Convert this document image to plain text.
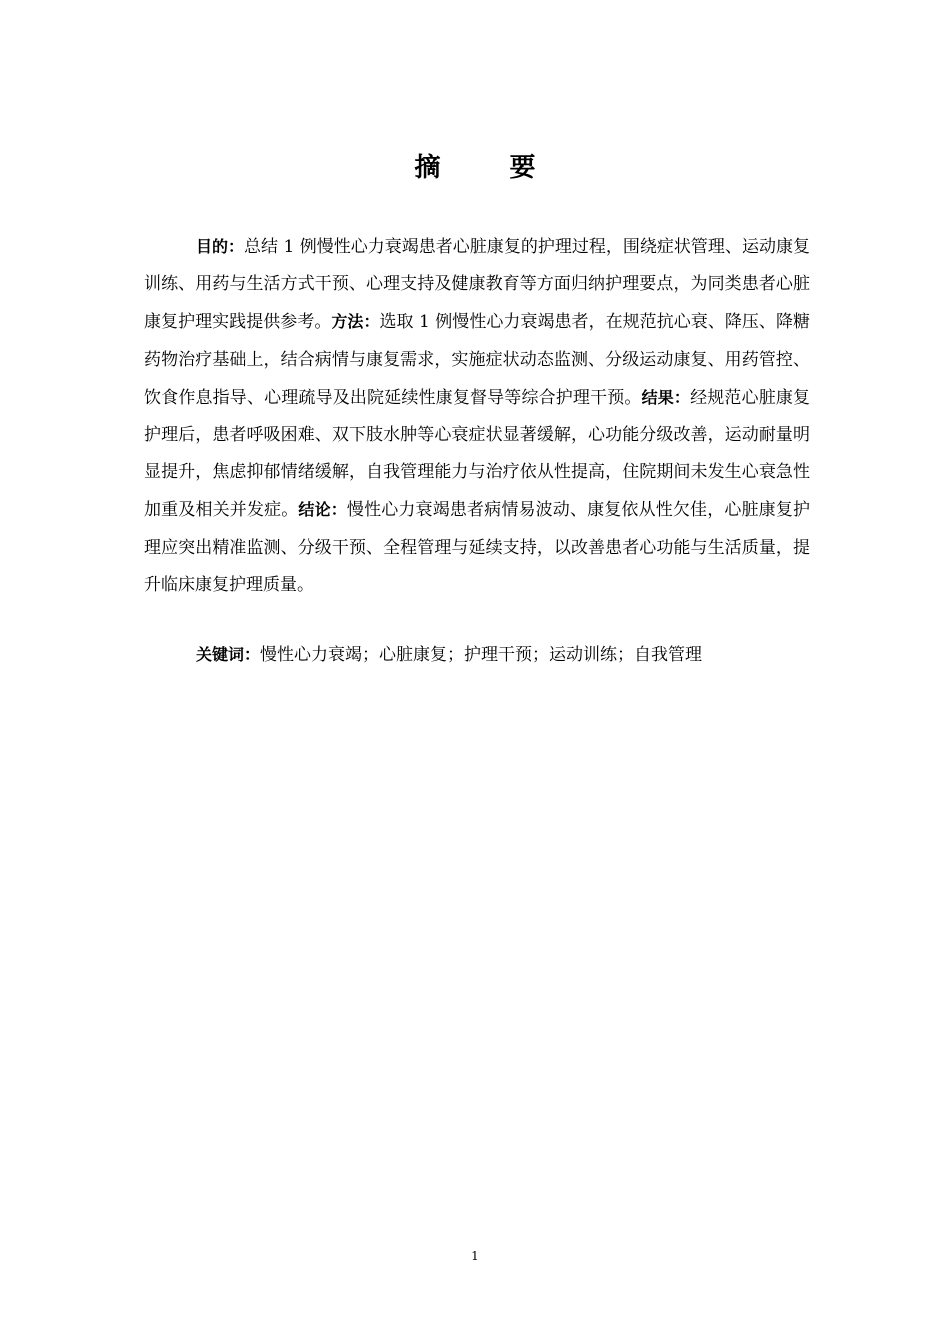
摘 要

目的：总结 1 例慢性心力衰竭患者心脏康复的护理过程，围绕症状管理、运动康复训练、用药与生活方式干预、心理支持及健康教育等方面归纳护理要点，为同类患者心脏康复护理实践提供参考。方法：选取 1 例慢性心力衰竭患者，在规范抗心衰、降压、降糖药物治疗基础上，结合病情与康复需求，实施症状动态监测、分级运动康复、用药管控、饮食作息指导、心理疏导及出院延续性康复督导等综合护理干预。结果：经规范心脏康复护理后，患者呼吸困难、双下肢水肿等心衰症状显著缓解，心功能分级改善，运动耐量明显提升，焦虑抑郁情绪缓解，自我管理能力与治疗依从性提高，住院期间未发生心衰急性加重及相关并发症。结论：慢性心力衰竭患者病情易波动、康复依从性欠佳，心脏康复护理应突出精准监测、分级干预、全程管理与延续支持，以改善患者心功能与生活质量，提升临床康复护理质量。

关键词：慢性心力衰竭；心脏康复；护理干预；运动训练；自我管理

1
